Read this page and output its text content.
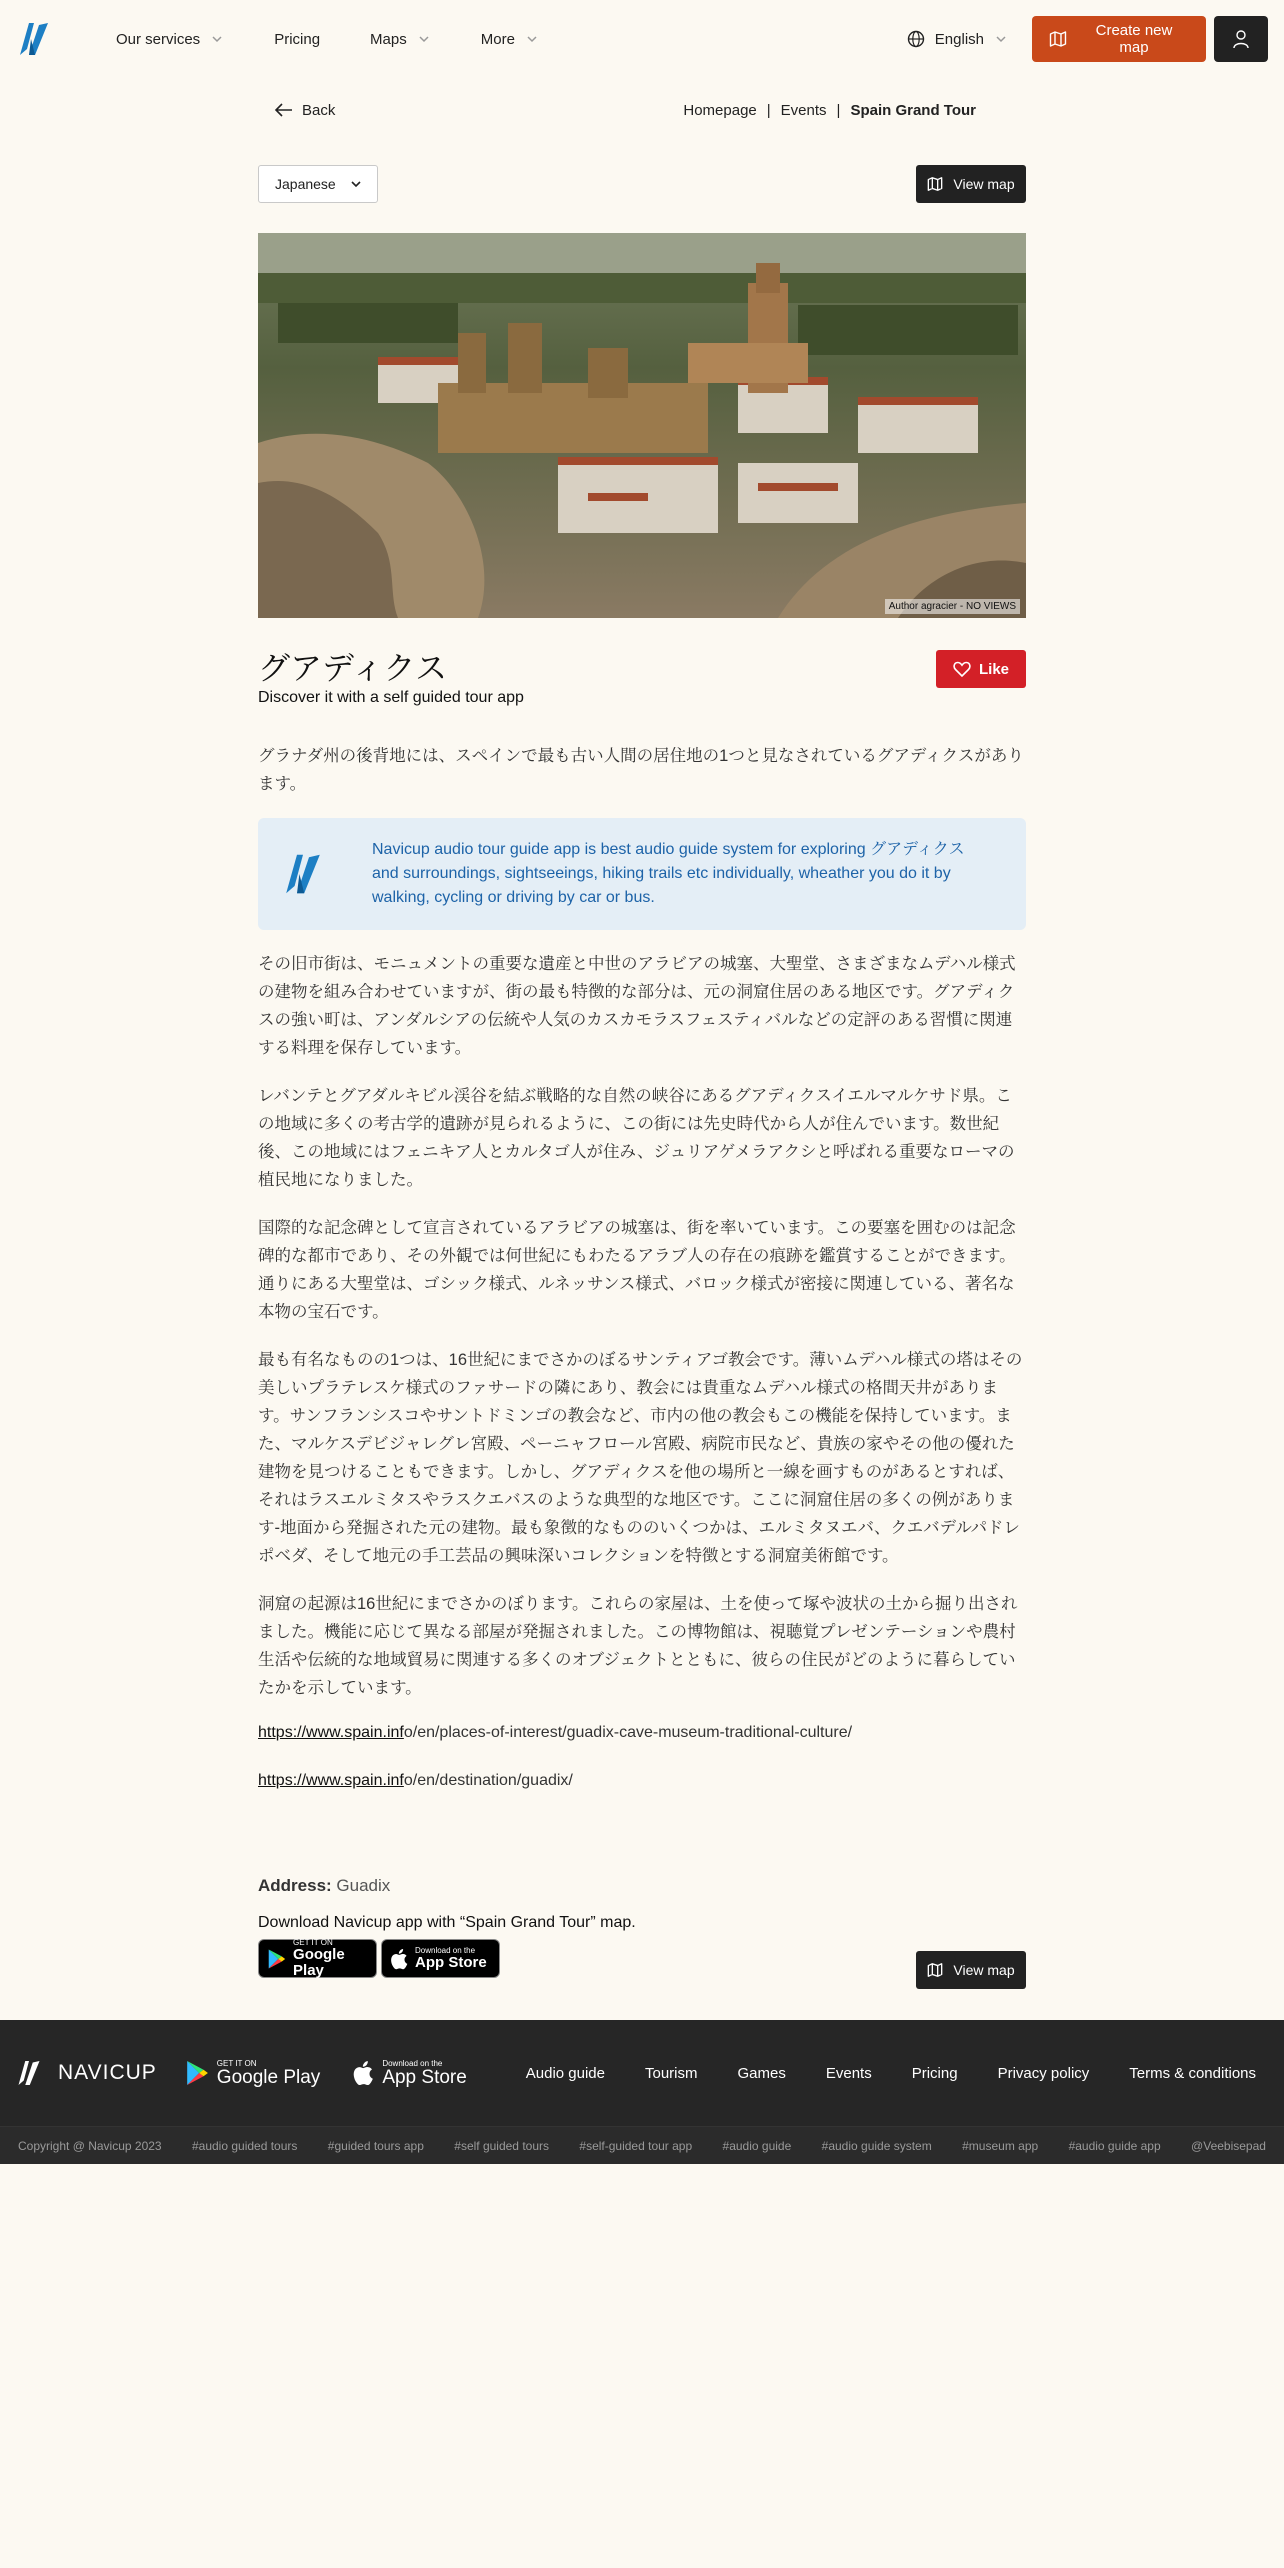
Our services	Pricing	Maps	More	English	Create new map
Back	Homepage | Events | Spain Grand Tour
Japanese	View map
Author agracier - NO VIEWS
グアディクス
Discover it with a self guided tour app
Like

グラナダ州の後背地には、スペインで最も古い人間の居住地の1つと見なされているグアディクスがあります。

Navicup audio tour guide app is best audio guide system for exploring グアディクス and surroundings, sightseeings, hiking trails etc individually, wheather you do it by walking, cycling or driving by car or bus.

その旧市街は、モニュメントの重要な遺産と中世のアラビアの城塞、大聖堂、さまざまなムデハル様式の建物を組み合わせていますが、街の最も特徴的な部分は、元の洞窟住居のある地区です。グアディクスの強い町は、アンダルシアの伝統や人気のカスカモラスフェスティバルなどの定評のある習慣に関連する料理を保存しています。

レバンテとグアダルキビル渓谷を結ぶ戦略的な自然の峡谷にあるグアディクスイエルマルケサド県。この地域に多くの考古学的遺跡が見られるように、この街には先史時代から人が住んでいます。数世紀後、この地域にはフェニキア人とカルタゴ人が住み、ジュリアゲメラアクシと呼ばれる重要なローマの植民地になりました。

国際的な記念碑として宣言されているアラビアの城塞は、街を率いています。この要塞を囲むのは記念碑的な都市であり、その外観では何世紀にもわたるアラブ人の存在の痕跡を鑑賞することができます。通りにある大聖堂は、ゴシック様式、ルネッサンス様式、バロック様式が密接に関連している、著名な本物の宝石です。

最も有名なものの1つは、16世紀にまでさかのぼるサンティアゴ教会です。薄いムデハル様式の塔はその美しいプラテレスケ様式のファサードの隣にあり、教会には貴重なムデハル様式の格間天井があります。サンフランシスコやサントドミンゴの教会など、市内の他の教会もこの機能を保持しています。また、マルケスデビジャレグレ宮殿、ペーニャフロール宮殿、病院市民など、貴族の家やその他の優れた建物を見つけることもできます。しかし、グアディクスを他の場所と一線を画すものがあるとすれば、それはラスエルミタスやラスクエバスのような典型的な地区です。ここに洞窟住居の多くの例があります-地面から発掘された元の建物。最も象徴的なもののいくつかは、エルミタヌエバ、クエバデルパドレポベダ、そして地元の手工芸品の興味深いコレクションを特徴とする洞窟美術館です。

洞窟の起源は16世紀にまでさかのぼります。これらの家屋は、土を使って塚や波状の土から掘り出されました。機能に応じて異なる部屋が発掘されました。この博物館は、視聴覚プレゼンテーションや農村生活や伝統的な地域貿易に関連する多くのオブジェクトとともに、彼らの住民がどのように暮らしていたかを示しています。

https://www.spain.info/en/places-of-interest/guadix-cave-museum-traditional-culture/
https://www.spain.info/en/destination/guadix/
Address: Guadix
Download Navicup app with “Spain Grand Tour” map.
GET IT ON
Google Play
Download on the
App Store	View map
NAVICUP	GET IT ON
Google Play
Download on the
App Store	Audio guide	Tourism	Games	Events	Pricing	Privacy policy	Terms & conditions
Copyright @ Navicup 2023	#audio guided tours	#guided tours app	#self guided tours	#self-guided tour app	#audio guide	#audio guide system	#museum app	#audio guide app	@Veebisepad
